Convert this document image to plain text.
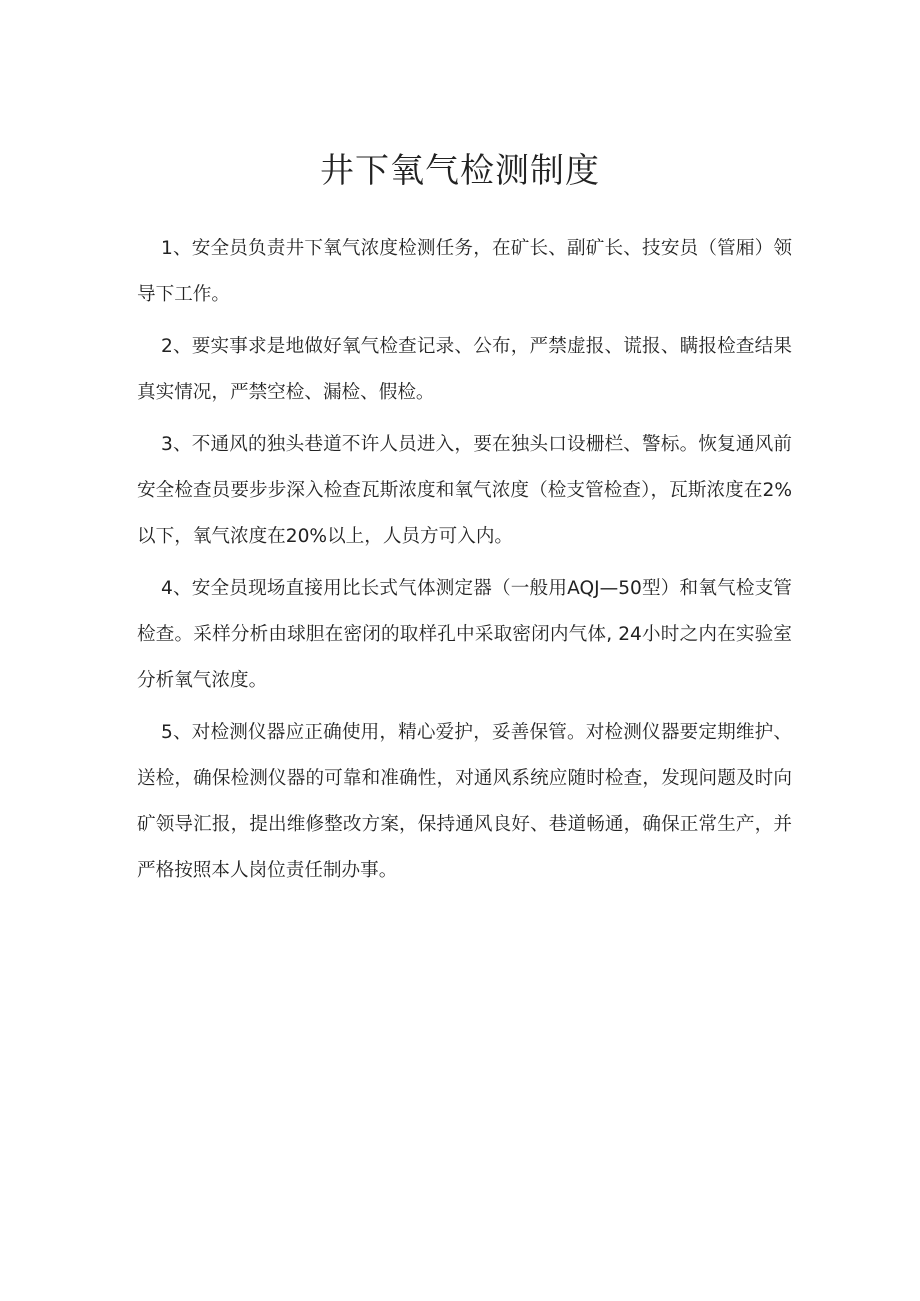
井下氧气检测制度

1、安全员负责井下氧气浓度检测任务，在矿长、副矿长、技安员（管厢）领导下工作。

2、要实事求是地做好氧气检查记录、公布，严禁虚报、谎报、瞒报检查结果真实情况，严禁空检、漏检、假检。

3、不通风的独头巷道不许人员进入，要在独头口设栅栏、警标。恢复通风前安全检查员要步步深入检查瓦斯浓度和氧气浓度（检支管检查），瓦斯浓度在2%以下，氧气浓度在20%以上，人员方可入内。

4、安全员现场直接用比长式气体测定器（一般用AQJ—50型）和氧气检支管检查。采样分析由球胆在密闭的取样孔中采取密闭内气体, 24小时之内在实验室分析氧气浓度。

5、对检测仪器应正确使用，精心爱护，妥善保管。对检测仪器要定期维护、送检，确保检测仪器的可靠和准确性，对通风系统应随时检查，发现问题及时向矿领导汇报，提出维修整改方案，保持通风良好、巷道畅通，确保正常生产，并严格按照本人岗位责任制办事。
